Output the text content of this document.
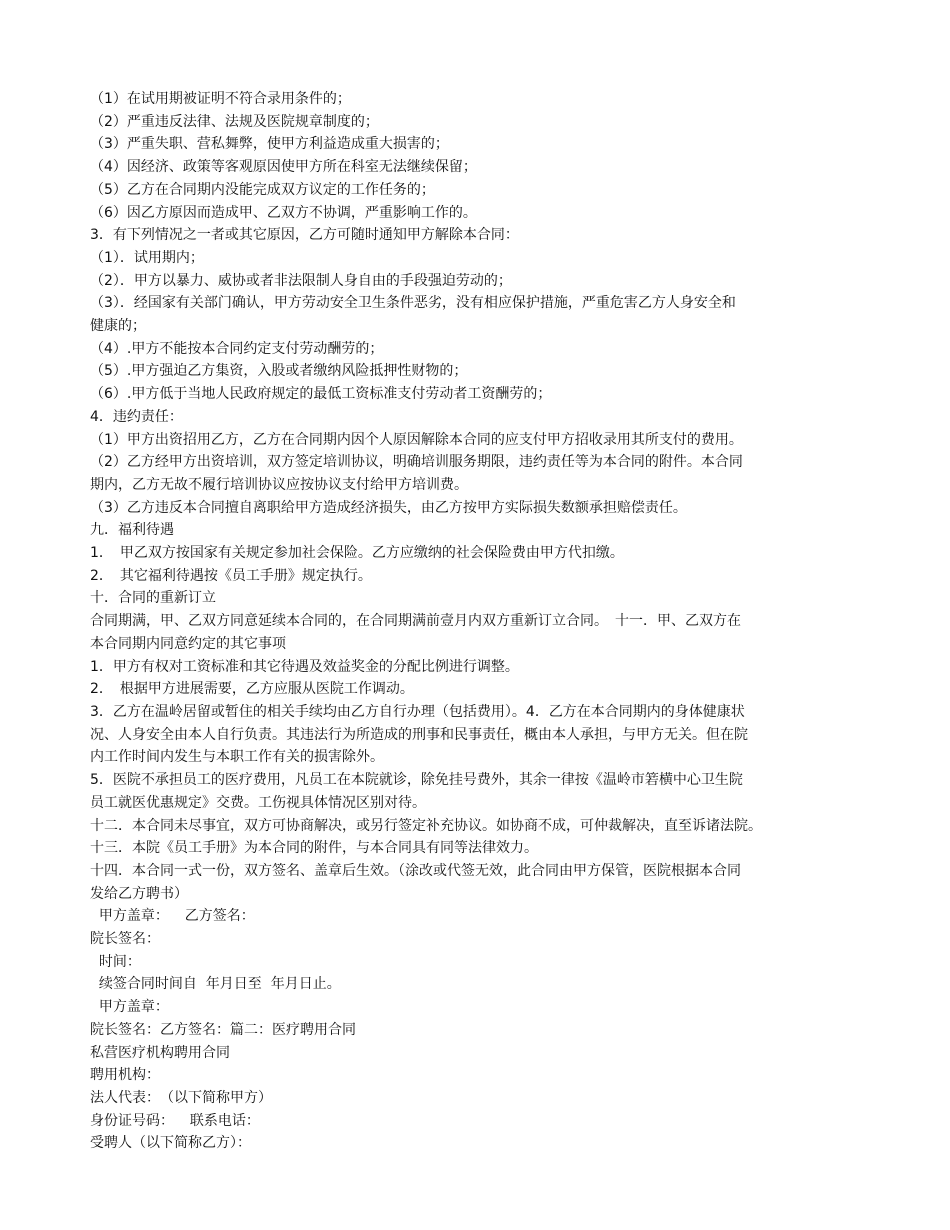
（1）在试用期被证明不符合录用条件的；
（2）严重违反法律、法规及医院规章制度的；
（3）严重失职、营私舞弊，使甲方利益造成重大损害的；
（4）因经济、政策等客观原因使甲方所在科室无法继续保留；
（5）乙方在合同期内没能完成双方议定的工作任务的；
（6）因乙方原因而造成甲、乙双方不协调，严重影响工作的。
3．有下列情况之一者或其它原因，乙方可随时通知甲方解除本合同：
（1）．试用期内；
（2）．甲方以暴力、威协或者非法限制人身自由的手段强迫劳动的；
（3）．经国家有关部门确认，甲方劳动安全卫生条件恶劣，没有相应保护措施，严重危害乙方人身安全和
健康的；
（4）.甲方不能按本合同约定支付劳动酬劳的；
（5）.甲方强迫乙方集资，入股或者缴纳风险抵押性财物的；
（6）.甲方低于当地人民政府规定的最低工资标准支付劳动者工资酬劳的；
4．违约责任：
（1）甲方出资招用乙方，乙方在合同期内因个人原因解除本合同的应支付甲方招收录用其所支付的费用。
（2）乙方经甲方出资培训，双方签定培训协议，明确培训服务期限，违约责任等为本合同的附件。本合同
期内，乙方无故不履行培训协议应按协议支付给甲方培训费。
（3）乙方违反本合同擅自离职给甲方造成经济损失，由乙方按甲方实际损失数额承担赔偿责任。
九．福利待遇
1．　甲乙双方按国家有关规定参加社会保险。乙方应缴纳的社会保险费由甲方代扣缴。
2．　其它福利待遇按《员工手册》规定执行。
十．合同的重新订立
合同期满，甲、乙双方同意延续本合同的，在合同期满前壹月内双方重新订立合同。　十一．甲、乙双方在
本合同期内同意约定的其它事项
1．甲方有权对工资标准和其它待遇及效益奖金的分配比例进行调整。
2．　根据甲方进展需要，乙方应服从医院工作调动。
3．乙方在温岭居留或暂住的相关手续均由乙方自行办理（包括费用）。4．乙方在本合同期内的身体健康状
况、人身安全由本人自行负责。其违法行为所造成的刑事和民事责任，概由本人承担，与甲方无关。但在院
内工作时间内发生与本职工作有关的损害除外。
5．医院不承担员工的医疗费用，凡员工在本院就诊，除免挂号费外，其余一律按《温岭市箬横中心卫生院
员工就医优惠规定》交费。工伤视具体情况区别对待。
十二．本合同未尽事宜，双方可协商解决，或另行签定补充协议。如协商不成，可仲裁解决，直至诉诸法院。
十三．本院《员工手册》为本合同的附件，与本合同具有同等法律效力。
十四．本合同一式一份，双方签名、盖章后生效。（涂改或代签无效，此合同由甲方保管，医院根据本合同
发给乙方聘书）
甲方盖章：　  乙方签名：
院长签名：
时间：
续签合同时间自  年月日至  年月日止。
甲方盖章：
院长签名：乙方签名：篇二：医疗聘用合同
私营医疗机构聘用合同
聘用机构：
法人代表：　（以下简称甲方）
身份证号码：　  联系电话：
受聘人（以下简称乙方）：
